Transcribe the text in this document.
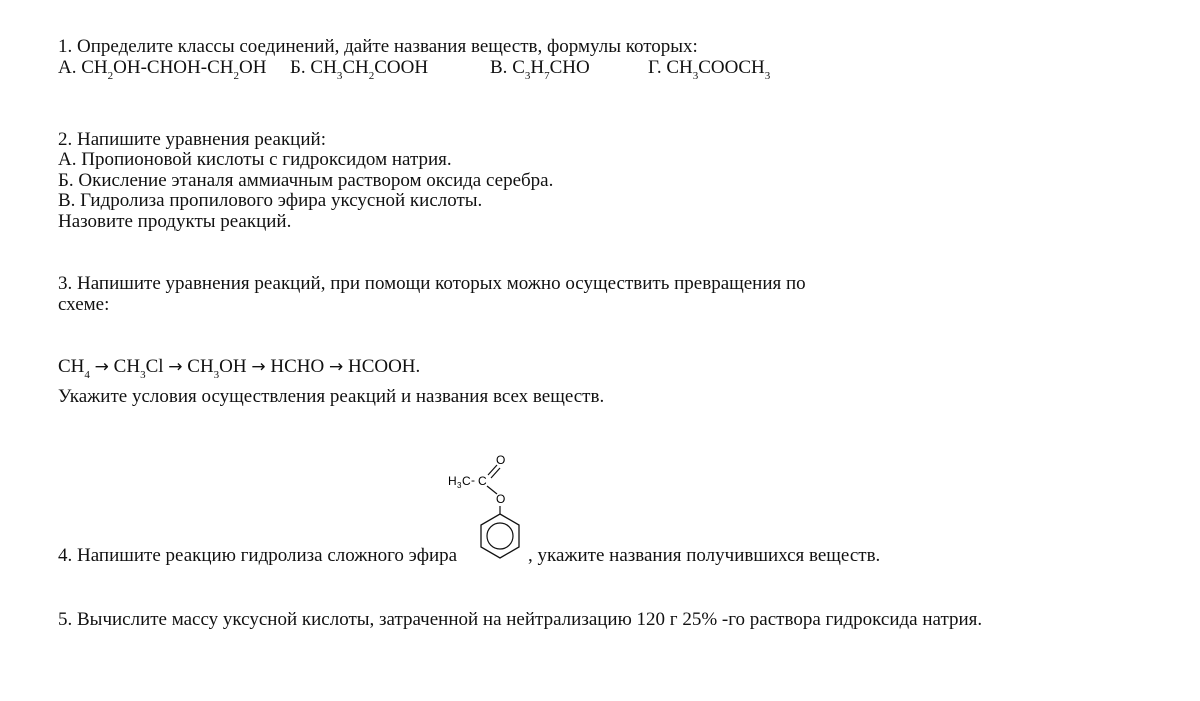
1. Определите классы соединений, дайте названия веществ, формулы которых:
А. $CH_2OH-CHOH-CH_2OH$ Б. $CH_3CH_2COOH$	В. $C_3H_7CHO$	Г. $CH_3COOCH_3$
2. Напишите уравнения реакций:
А. Пропионовой кислоты с гидроксидом натрия.
Б. Окисление этаналя аммиачным раствором оксида серебра.
В. Гидролиза пропилового эфира уксусной кислоты.
Назовите продукты реакций.
3. Напишите уравнения реакций, при помощи которых можно осуществить превращения по
схеме:
$CH_4 \to CH_3Cl \to CH_3OH$ → HCHO → HCOOH.
Укажите условия осуществления реакций и названия всех веществ.
4. Напишите реакцию гидролиза сложного эфира
H 3 C - C
O
O
, укажите названия получившихся веществ.
5. Вычислите массу уксусной кислоты, затраченной на нейтрализацию 120 г 25% -го раствора гидроксида натрия.
